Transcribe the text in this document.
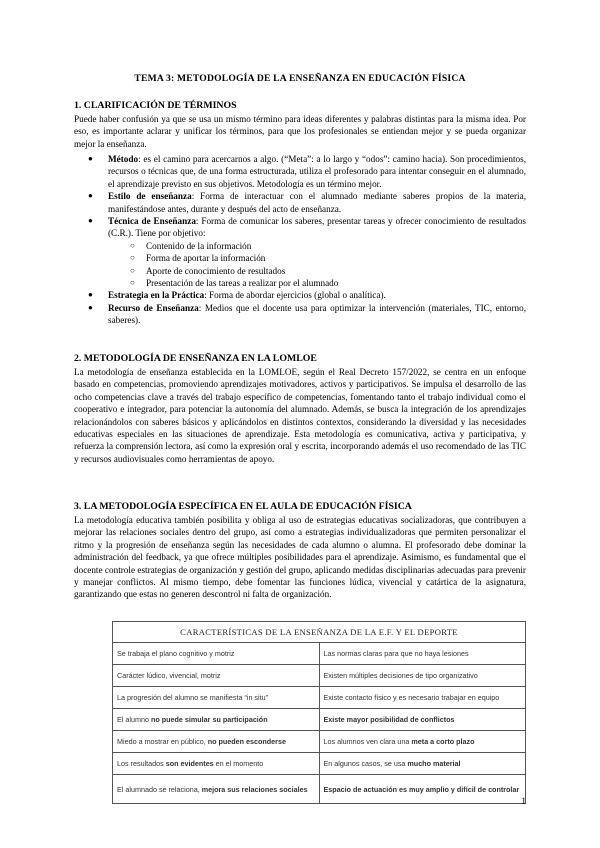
TEMA 3: METODOLOGÍA DE LA ENSEÑANZA EN EDUCACIÓN FÍSICA
1. CLARIFICACIÓN DE TÉRMINOS

Puede haber confusión ya que se usa un mismo término para ideas diferentes y palabras distintas para la misma idea. Por eso, es importante aclarar y unificar los términos, para que los profesionales se entiendan mejor y se pueda organizar mejor la enseñanza.

● Método: es el camino para acercarnos a algo. (“Meta”: a lo largo y “odos”: camino hacia). Son procedimientos, recursos o técnicas que, de una forma estructurada, utiliza el profesorado para intentar conseguir en el alumnado, el aprendizaje previsto en sus objetivos. Metodología es un término mejor.
● Estilo de enseñanza: Forma de interactuar con el alumnado mediante saberes propios de la materia, manifestándose antes, durante y después del acto de enseñanza.
● Técnica de Enseñanza: Forma de comunicar los saberes, presentar tareas y ofrecer conocimiento de resultados (C.R.). Tiene por objetivo:
○ Contenido de la información
○ Forma de aportar la información
○ Aporte de conocimiento de resultados
○ Presentación de las tareas a realizar por el alumnado
● Estrategia en la Práctica: Forma de abordar ejercicios (global o analítica).
● Recurso de Enseñanza: Medios que el docente usa para optimizar la intervención (materiales, TIC, entorno, saberes).
2. METODOLOGÍA DE ENSEÑANZA EN LA LOMLOE

La metodología de enseñanza establecida en la LOMLOE, según el Real Decreto 157/2022, se centra en un enfoque basado en competencias, promoviendo aprendizajes motivadores, activos y participativos. Se impulsa el desarrollo de las ocho competencias clave a través del trabajo específico de competencias, fomentando tanto el trabajo individual como el cooperativo e integrador, para potenciar la autonomía del alumnado. Además, se busca la integración de los aprendizajes relacionándolos con saberes básicos y aplicándolos en distintos contextos, considerando la diversidad y las necesidades educativas especiales en las situaciones de aprendizaje. Esta metodología es comunicativa, activa y participativa, y refuerza la comprensión lectora, así como la expresión oral y escrita, incorporando además el uso recomendado de las TIC y recursos audiovisuales como herramientas de apoyo.

3. LA METODOLOGÍA ESPECÍFICA EN EL AULA DE EDUCACIÓN FÍSICA

La metodología educativa también posibilita y obliga al uso de estrategias educativas socializadoras, que contribuyen a mejorar las relaciones sociales dentro del grupo, así como a estrategias individualizadoras que permiten personalizar el ritmo y la progresión de enseñanza según las necesidades de cada alumno o alumna. El profesorado debe dominar la administración del feedback, ya que ofrece múltiples posibilidades para el aprendizaje. Asimismo, es fundamental que el docente controle estrategias de organización y gestión del grupo, aplicando medidas disciplinarias adecuadas para prevenir y manejar conflictos. Al mismo tiempo, debe fomentar las funciones lúdica, vivencial y catártica de la asignatura, garantizando que estas no generen descontrol ni falta de organización.

CARACTERÍSTICAS DE LA ENSEÑANZA DE LA E.F. Y EL DEPORTE	
Se trabaja el plano cognitivo y motriz	Las normas claras para que no haya lesiones
Carácter lúdico, vivencial, motriz	Existen múltiples decisiones de tipo organizativo
La progresión del alumno se manifiesta “in situ”	Existe contacto físico y es necesario trabajar en equipo
El alumno no puede simular su participación	Existe mayor posibilidad de conflictos
Miedo a mostrar en público, no pueden esconderse	Los alumnos ven clara una meta a corto plazo
Los resultados son evidentes en el momento	En algunos casos, se usa mucho material
El alumnado se relaciona, mejora sus relaciones sociales	Espacio de actuación es muy amplio y difícil de controlar
1
